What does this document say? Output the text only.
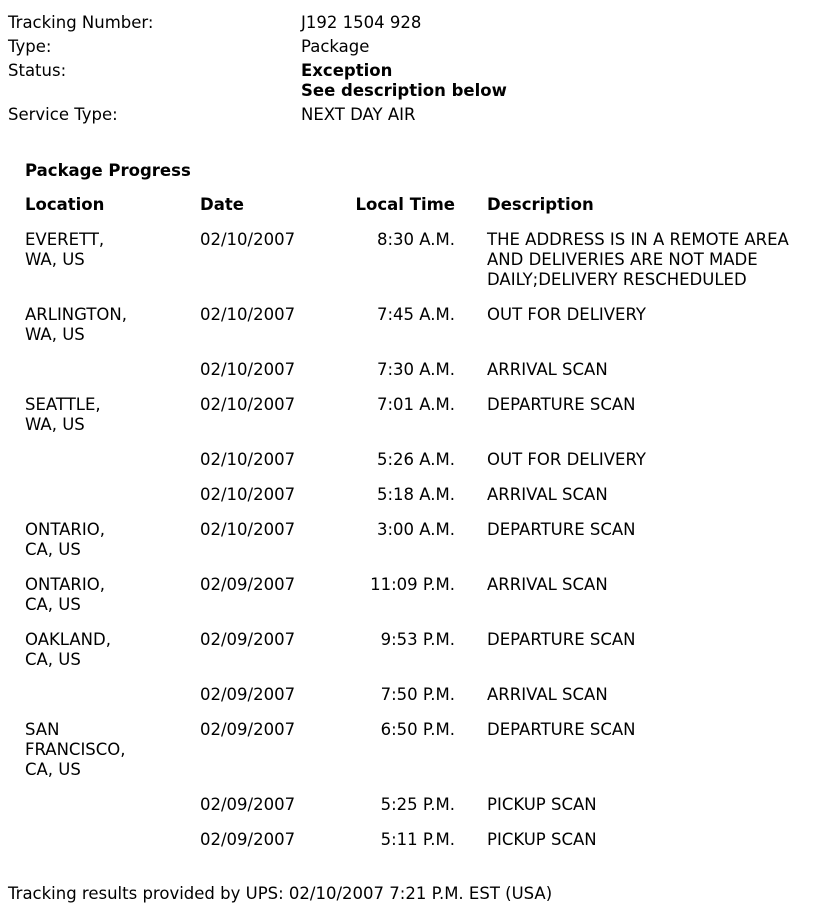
Tracking Number:	J192 1504 928
Type:	Package
Status:	Exception
See description below
Service Type:	NEXT DAY AIR
Package Progress
Location	Date	Local Time		Description

EVERETT,
WA, US	02/10/2007	8:30 A.M.		THE ADDRESS IS IN A REMOTE AREA AND DELIVERIES ARE NOT MADE DAILY;DELIVERY RESCHEDULED

ARLINGTON,
WA, US	02/10/2007	7:45 A.M.		OUT FOR DELIVERY
	02/10/2007	7:30 A.M.		ARRIVAL SCAN

SEATTLE,
WA, US	02/10/2007	7:01 A.M.		DEPARTURE SCAN
	02/10/2007	5:26 A.M.		OUT FOR DELIVERY
	02/10/2007	5:18 A.M.		ARRIVAL SCAN

ONTARIO,
CA, US	02/10/2007	3:00 A.M.		DEPARTURE SCAN

ONTARIO,
CA, US	02/09/2007	11:09 P.M.		ARRIVAL SCAN

OAKLAND,
CA, US	02/09/2007	9:53 P.M.		DEPARTURE SCAN
	02/09/2007	7:50 P.M.		ARRIVAL SCAN

SAN
FRANCISCO,
CA, US	02/09/2007	6:50 P.M.		DEPARTURE SCAN
	02/09/2007	5:25 P.M.		PICKUP SCAN
	02/09/2007	5:11 P.M.		PICKUP SCAN
Tracking results provided by UPS: 02/10/2007 7:21 P.M. EST (USA)
